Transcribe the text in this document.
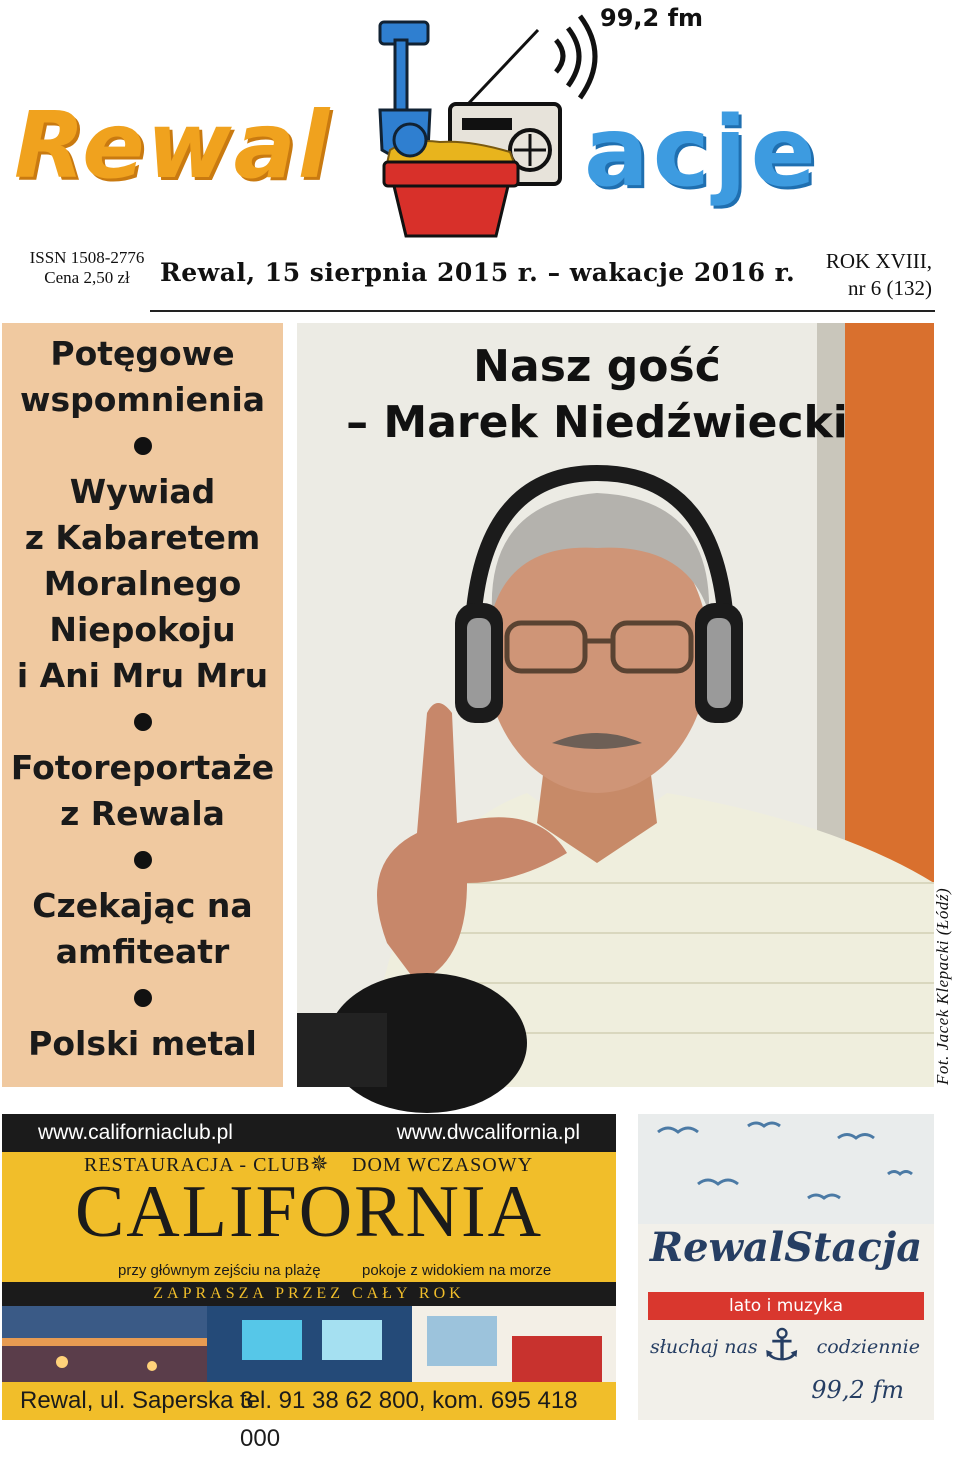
Rewal
99,2 fm
acje
ISSN 1508-2776
Cena 2,50 zł	Rewal, 15 sierpnia 2015 r. – wakacje 2016 r. ROK XVIII,
nr 6 (132)
Potęgowe
wspomnienia
Wywiad
z Kabaretem
Moralnego
Niepokoju
i Ani Mru Mru
Fotoreportaże
z Rewala
Czekając na
amfiteatr
Polski metal
Nasz gość
– Marek Niedźwiecki
Fot. Jacek Klepacki (Łódź)
www.californiaclub.pl	www.dwcalifornia.pl
RESTAURACJA - CLUB ✵ DOM WCZASOWY
CALIFORNIA
przy głównym zejściu na plażę	pokoje z widokiem na morze
ZAPRASZA PRZEZ CAŁY ROK
Rewal, ul. Saperska 3
tel. 91 38 62 800, kom. 695 418 000
RewalStacja
lato i muzyka
słuchaj nas ⚓ codziennie
99,2 fm
